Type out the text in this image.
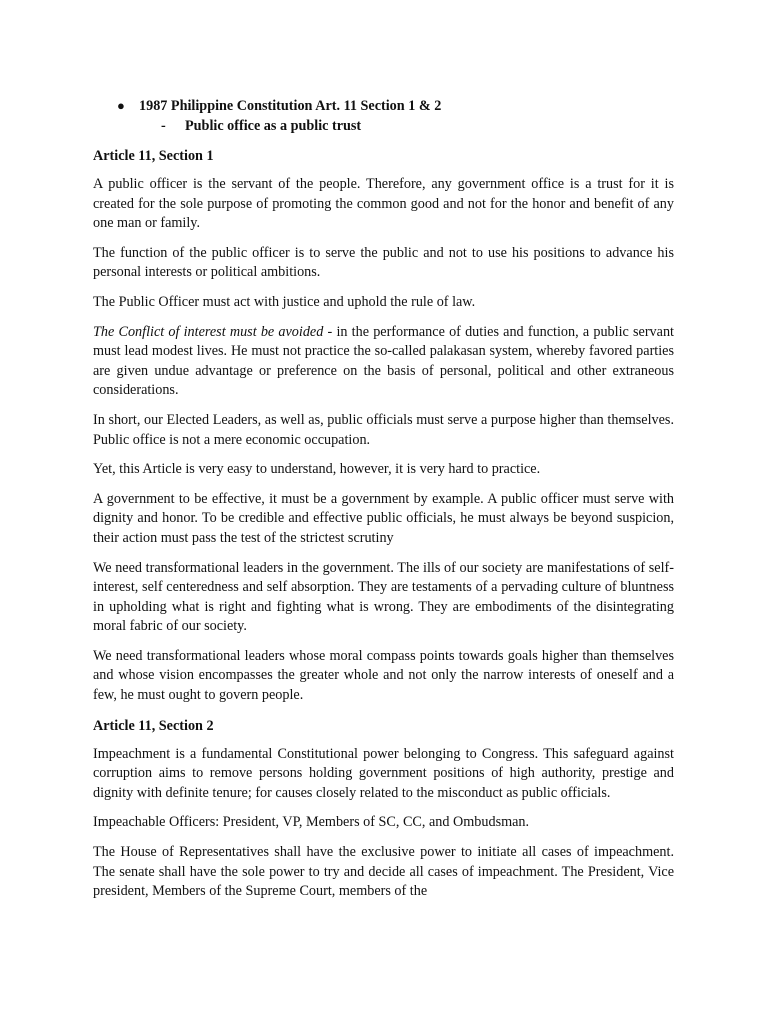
● 1987 Philippine Constitution Art. 11 Section 1 & 2
-	Public office as a public trust
Article 11, Section 1

A public officer is the servant of the people. Therefore, any government office is a trust for it is created for the sole purpose of promoting the common good and not for the honor and benefit of any one man or family.

The function of the public officer is to serve the public and not to use his positions to advance his personal interests or political ambitions.

The Public Officer must act with justice and uphold the rule of law.

The Conflict of interest must be avoided - in the performance of duties and function, a public servant must lead modest lives. He must not practice the so-called palakasan system, whereby favored parties are given undue advantage or preference on the basis of personal, political and other extraneous considerations.

In short, our Elected Leaders, as well as, public officials must serve a purpose higher than themselves. Public office is not a mere economic occupation.

Yet, this Article is very easy to understand, however, it is very hard to practice.

A government to be effective, it must be a government by example. A public officer must serve with dignity and honor. To be credible and effective public officials, he must always be beyond suspicion, their action must pass the test of the strictest scrutiny

We need transformational leaders in the government. The ills of our society are manifestations of self-interest, self centeredness and self absorption. They are testaments of a pervading culture of bluntness in upholding what is right and fighting what is wrong. They are embodiments of the disintegrating moral fabric of our society.

We need transformational leaders whose moral compass points towards goals higher than themselves and whose vision encompasses the greater whole and not only the narrow interests of oneself and a few, he must ought to govern people.

Article 11, Section 2

Impeachment is a fundamental Constitutional power belonging to Congress. This safeguard against corruption aims to remove persons holding government positions of high authority, prestige and dignity with definite tenure; for causes closely related to the misconduct as public officials.

Impeachable Officers: President, VP, Members of SC, CC, and Ombudsman.

The House of Representatives shall have the exclusive power to initiate all cases of impeachment. The senate shall have the sole power to try and decide all cases of impeachment. The President, Vice president, Members of the Supreme Court, members of the
